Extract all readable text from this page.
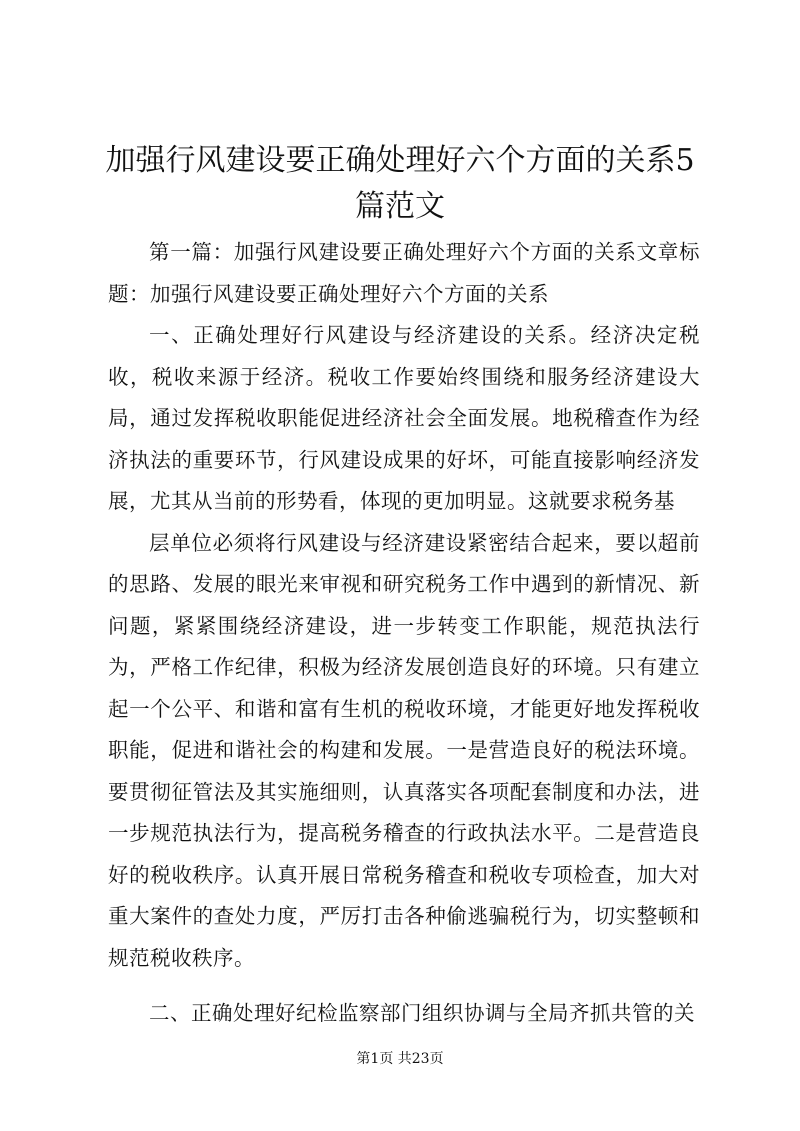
加强行风建设要正确处理好六个方面的关系5篇范文

第一篇：加强行风建设要正确处理好六个方面的关系文章标题：加强行风建设要正确处理好六个方面的关系

一、正确处理好行风建设与经济建设的关系。经济决定税收，税收来源于经济。税收工作要始终围绕和服务经济建设大局，通过发挥税收职能促进经济社会全面发展。地税稽查作为经济执法的重要环节，行风建设成果的好坏，可能直接影响经济发展，尤其从当前的形势看，体现的更加明显。这就要求税务基

层单位必须将行风建设与经济建设紧密结合起来，要以超前的思路、发展的眼光来审视和研究税务工作中遇到的新情况、新问题，紧紧围绕经济建设，进一步转变工作职能，规范执法行为，严格工作纪律，积极为经济发展创造良好的环境。只有建立起一个公平、和谐和富有生机的税收环境，才能更好地发挥税收职能，促进和谐社会的构建和发展。一是营造良好的税法环境。要贯彻征管法及其实施细则，认真落实各项配套制度和办法，进一步规范执法行为，提高税务稽查的行政执法水平。二是营造良好的税收秩序。认真开展日常税务稽查和税收专项检查，加大对重大案件的查处力度，严厉打击各种偷逃骗税行为，切实整顿和规范税收秩序。

二、正确处理好纪检监察部门组织协调与全局齐抓共管的关

第1页 共23页
